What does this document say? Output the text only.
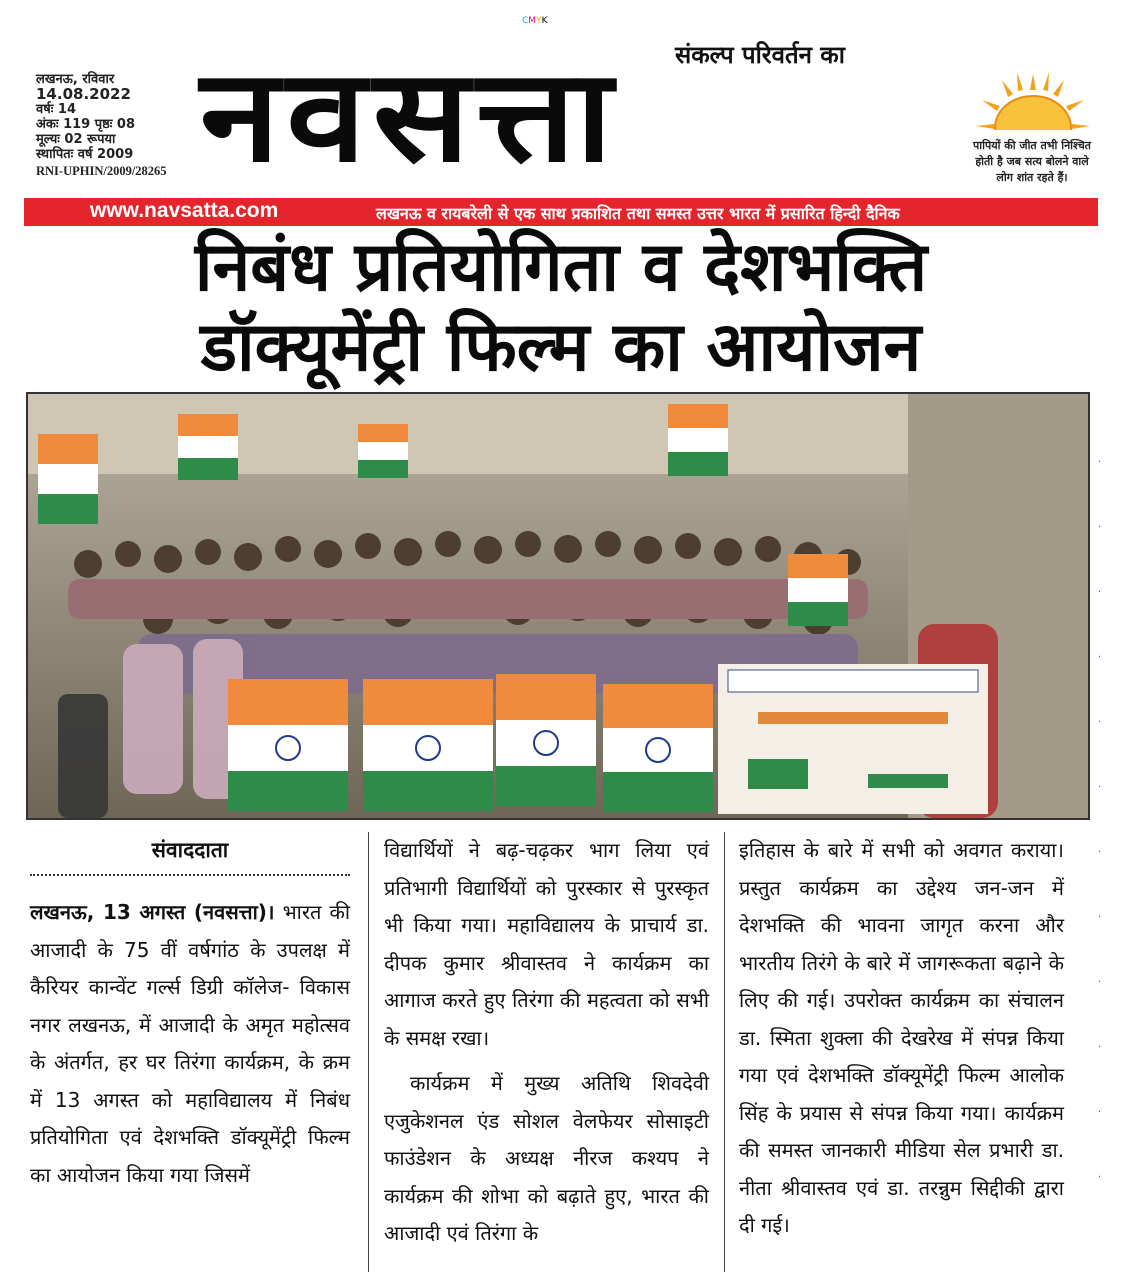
CMYK
संकल्प परिवर्तन का
लखनऊ, रविवार
14.08.2022
वर्षः 14
अंकः 119 पृष्ठः 08
मूल्यः 02 रूपया
स्थापितः वर्ष 2009
RNI-UPHIN/2009/28265 नवसत्ता	पापियों की जीत तभी निश्चित
होती है जब सत्य बोलने वाले
लोग शांत रहते हैं।
www.navsatta.com	लखनऊ व रायबरेली से एक साथ प्रकाशित तथा समस्त उत्तर भारत में प्रसारित हिन्दी दैनिक
निबंध प्रतियोगिता व देशभक्ति
डॉक्यूमेंट्री फिल्म का आयोजन

संवाददाता

लखनऊ, 13 अगस्त (नवसत्ता)। भारत की आजादी के 75 वीं वर्षगांठ के उपलक्ष में कैरियर कान्वेंट गर्ल्स डिग्री कॉलेज- विकास नगर लखनऊ, में आजादी के अमृत महोत्सव के अंतर्गत, हर घर तिरंगा कार्यक्रम, के क्रम में 13 अगस्त को महाविद्यालय में निबंध प्रतियोगिता एवं देशभक्ति डॉक्यूमेंट्री फिल्म का आयोजन किया गया जिसमें

विद्यार्थियों ने बढ़-चढ़कर भाग लिया एवं प्रतिभागी विद्यार्थियों को पुरस्कार से पुरस्कृत भी किया गया। महाविद्यालय के प्राचार्य डा. दीपक कुमार श्रीवास्तव ने कार्यक्रम का आगाज करते हुए तिरंगा की महत्वता को सभी के समक्ष रखा।

कार्यक्रम में मुख्य अतिथि शिवदेवी एजुकेशनल एंड सोशल वेलफेयर सोसाइटी फाउंडेशन के अध्यक्ष नीरज कश्यप ने कार्यक्रम की शोभा को बढ़ाते हुए, भारत की आजादी एवं तिरंगा के

इतिहास के बारे में सभी को अवगत कराया। प्रस्तुत कार्यक्रम का उद्देश्य जन-जन में देशभक्ति की भावना जागृत करना और भारतीय तिरंगे के बारे में जागरूकता बढ़ाने के लिए की गई। उपरोक्त कार्यक्रम का संचालन डा. स्मिता शुक्ला की देखरेख में संपन्न किया गया एवं देशभक्ति डॉक्यूमेंट्री फिल्म आलोक सिंह के प्रयास से संपन्न किया गया। कार्यक्रम की समस्त जानकारी मीडिया सेल प्रभारी डा. नीता श्रीवास्तव एवं डा. तरन्नुम सिद्दीकी द्वारा दी गई।

·
·
·
·
·
·
·
·
·
·
·
·
